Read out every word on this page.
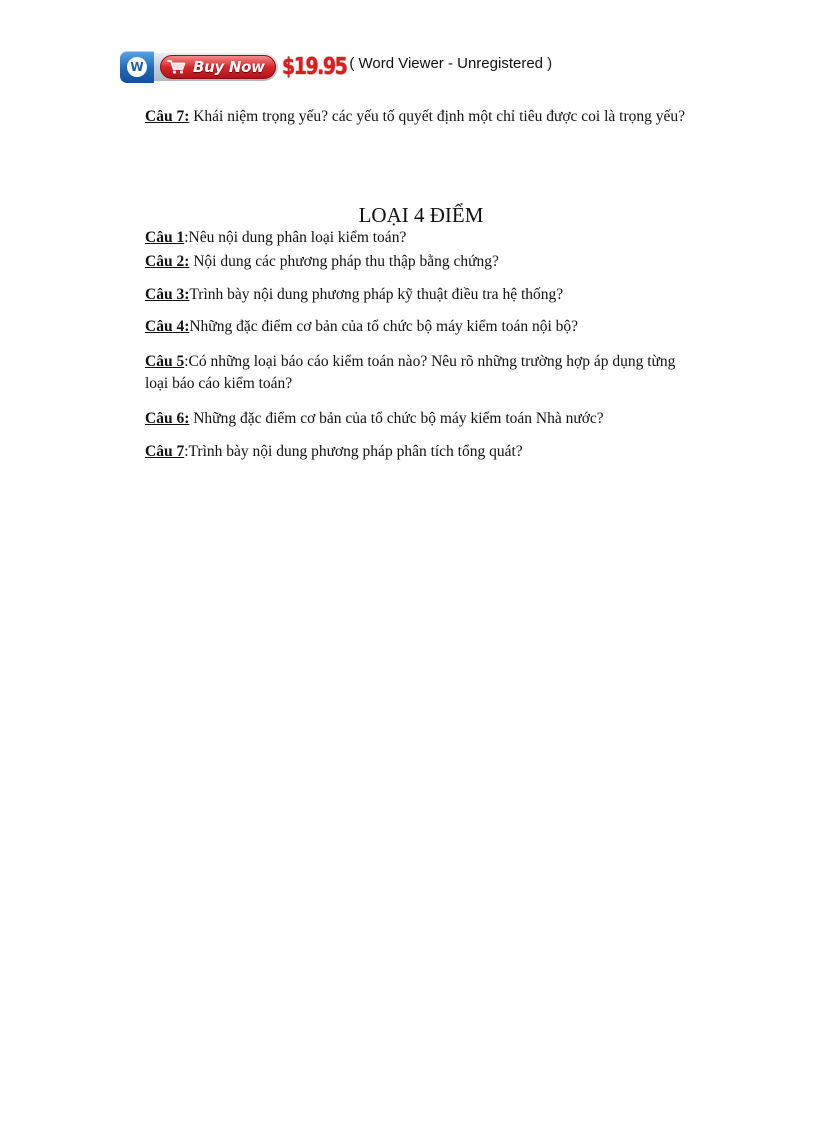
W	Buy Now $19.95 ( Word Viewer - Unregistered )
Câu 7: Khái niệm trọng yếu? các yếu tố quyết định một chỉ tiêu được coi là trọng yếu?
LOẠI 4 ĐIỂM
Câu 1:Nêu nội dung phân loại kiểm toán?
Câu 2: Nội dung các phương pháp thu thập bằng chứng?
Câu 3:Trình bày nội dung phương pháp kỹ thuật điều tra hệ thống?
Câu 4:Những đặc điểm cơ bản của tổ chức bộ máy kiểm toán nội bộ?
Câu 5:Có những loại báo cáo kiểm toán nào? Nêu rõ những trường hợp áp dụng từng loại báo cáo kiểm toán?
Câu 6: Những đặc điểm cơ bản của tổ chức bộ máy kiểm toán Nhà nước?
Câu 7:Trình bày nội dung phương pháp phân tích tổng quát?
